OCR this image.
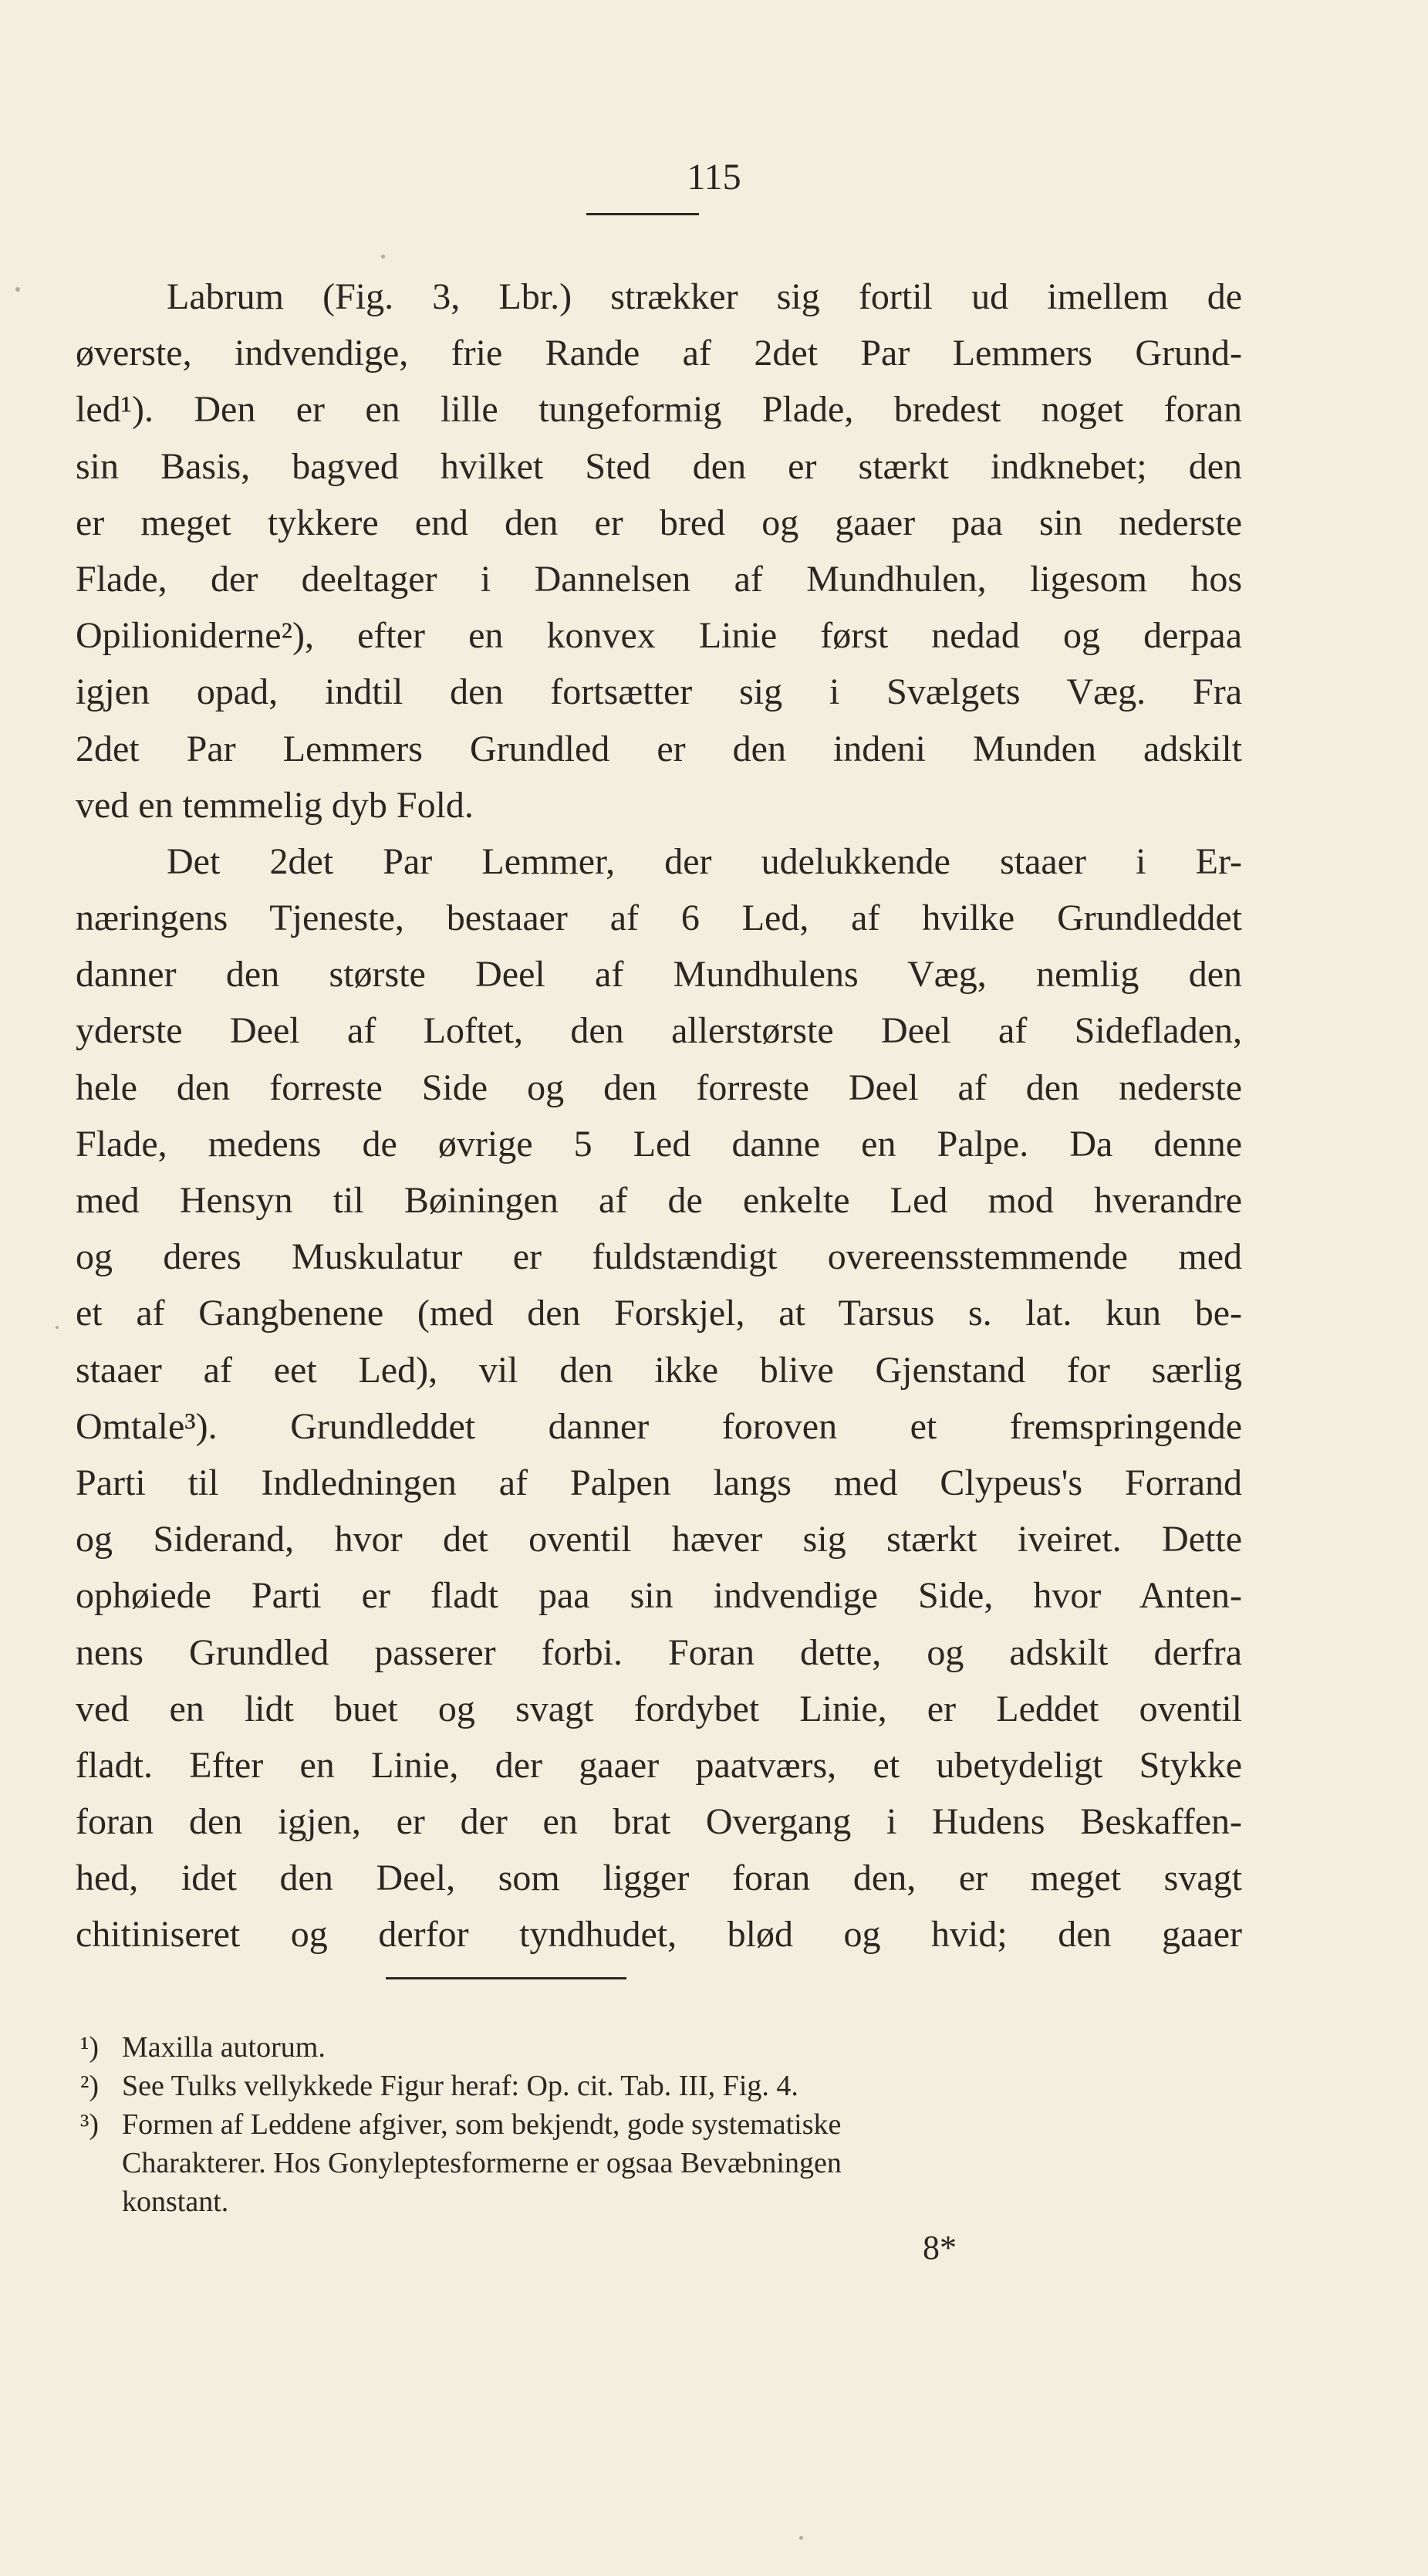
115
Labrum (Fig. 3, Lbr.) strækker sig fortil ud imellem de
øverste, indvendige, frie Rande af 2det Par Lemmers Grund-
led¹). Den er en lille tungeformig Plade, bredest noget foran
sin Basis, bagved hvilket Sted den er stærkt indknebet; den
er meget tykkere end den er bred og gaaer paa sin nederste
Flade, der deeltager i Dannelsen af Mundhulen, ligesom hos
Opilioniderne²), efter en konvex Linie først nedad og derpaa
igjen opad, indtil den fortsætter sig i Svælgets Væg. Fra
2det Par Lemmers Grundled er den indeni Munden adskilt
ved en temmelig dyb Fold.
Det 2det Par Lemmer, der udelukkende staaer i Er-
næringens Tjeneste, bestaaer af 6 Led, af hvilke Grundleddet
danner den største Deel af Mundhulens Væg, nemlig den
yderste Deel af Loftet, den allerstørste Deel af Sidefladen,
hele den forreste Side og den forreste Deel af den nederste
Flade, medens de øvrige 5 Led danne en Palpe. Da denne
med Hensyn til Bøiningen af de enkelte Led mod hverandre
og deres Muskulatur er fuldstændigt overeensstemmende med
et af Gangbenene (med den Forskjel, at Tarsus s. lat. kun be-
staaer af eet Led), vil den ikke blive Gjenstand for særlig
Omtale³). Grundleddet danner foroven et fremspringende
Parti til Indledningen af Palpen langs med Clypeus's Forrand
og Siderand, hvor det oventil hæver sig stærkt iveiret. Dette
ophøiede Parti er fladt paa sin indvendige Side, hvor Anten-
nens Grundled passerer forbi. Foran dette, og adskilt derfra
ved en lidt buet og svagt fordybet Linie, er Leddet oventil
fladt. Efter en Linie, der gaaer paatværs, et ubetydeligt Stykke
foran den igjen, er der en brat Overgang i Hudens Beskaffen-
hed, idet den Deel, som ligger foran den, er meget svagt
chitiniseret og derfor tyndhudet, blød og hvid; den gaaer
¹) Maxilla autorum.
²) See Tulks vellykkede Figur heraf: Op. cit. Tab. III, Fig. 4.
³) Formen af Leddene afgiver, som bekjendt, gode systematiske
Charakterer. Hos Gonyleptesformerne er ogsaa Bevæbningen
konstant.
8*
